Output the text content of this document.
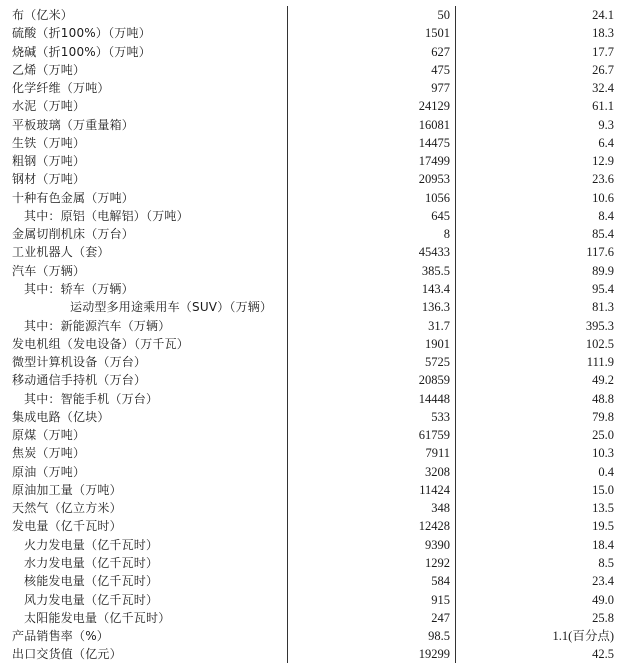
布（亿米）	50	24.1
硫酸（折100%）（万吨）	1501	18.3
烧碱（折100%）（万吨）	627	17.7
乙烯（万吨）	475	26.7
化学纤维（万吨）	977	32.4
水泥（万吨）	24129	61.1
平板玻璃（万重量箱）	16081	9.3
生铁（万吨）	14475	6.4
粗钢（万吨）	17499	12.9
钢材（万吨）	20953	23.6
十种有色金属（万吨）	1056	10.6
其中：原铝（电解铝）（万吨）	645	8.4
金属切削机床（万台）	8	85.4
工业机器人（套）	45433	117.6
汽车（万辆）	385.5	89.9
其中：轿车（万辆）	143.4	95.4
运动型多用途乘用车（SUV）（万辆）	136.3	81.3
其中：新能源汽车（万辆）	31.7	395.3
发电机组（发电设备）（万千瓦）	1901	102.5
微型计算机设备（万台）	5725	111.9
移动通信手持机（万台）	20859	49.2
其中：智能手机（万台）	14448	48.8
集成电路（亿块）	533	79.8
原煤（万吨）	61759	25.0
焦炭（万吨）	7911	10.3
原油（万吨）	3208	0.4
原油加工量（万吨）	11424	15.0
天然气（亿立方米）	348	13.5
发电量（亿千瓦时）	12428	19.5
火力发电量（亿千瓦时）	9390	18.4
水力发电量（亿千瓦时）	1292	8.5
核能发电量（亿千瓦时）	584	23.4
风力发电量（亿千瓦时）	915	49.0
太阳能发电量（亿千瓦时）	247	25.8
产品销售率（%）	98.5	1.1(百分点)
出口交货值（亿元）	19299	42.5
